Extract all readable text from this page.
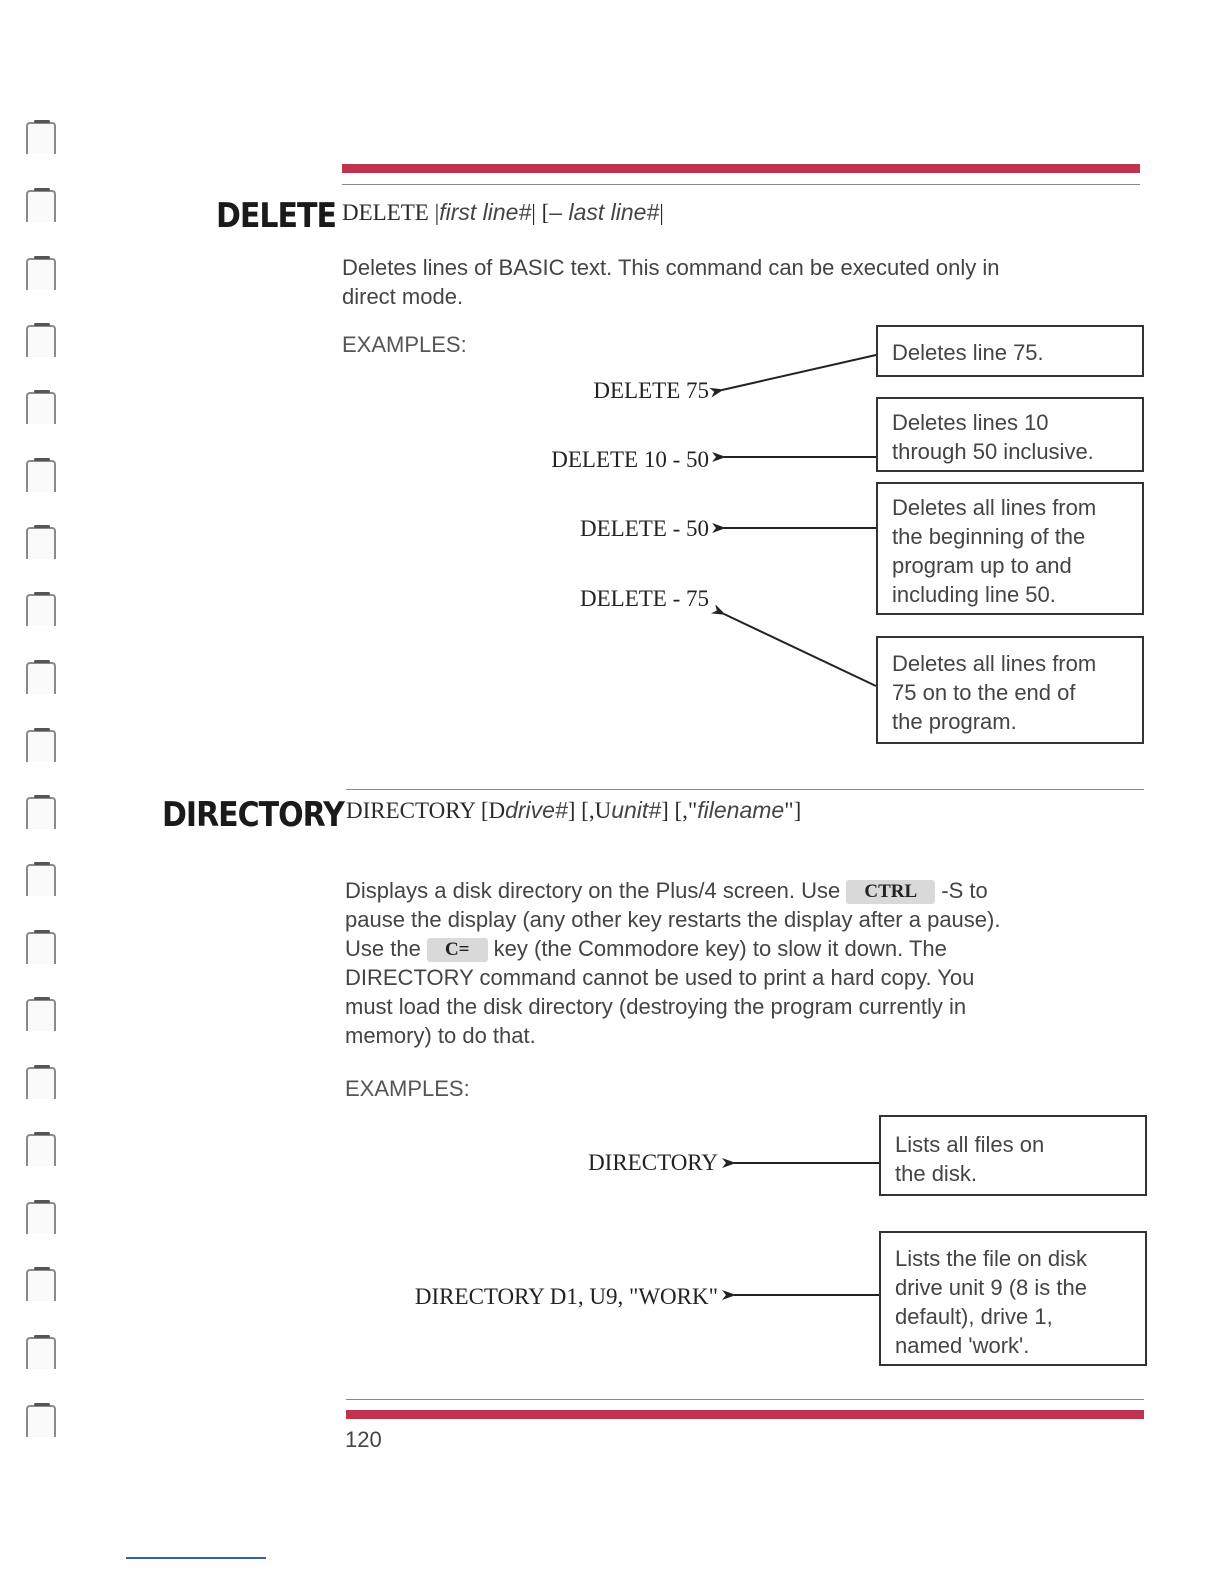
DELETE DELETE |first line#| [– last line#|
Deletes lines of BASIC text. This command can be executed only in
direct mode.
EXAMPLES:
DELETE 75
DELETE 10 - 50
DELETE - 50
DELETE - 75
Deletes line 75.
Deletes lines 10
through 50 inclusive.
Deletes all lines from
the beginning of the
program up to and
including line 50.
Deletes all lines from
75 on to the end of
the program.
DIRECTORY DIRECTORY [Ddrive#] [,Uunit#] [,"filename"]
Displays a disk directory on the Plus/4 screen. Use CTRL -S to
pause the display (any other key restarts the display after a pause).
Use the C= key (the Commodore key) to slow it down. The
DIRECTORY command cannot be used to print a hard copy. You
must load the disk directory (destroying the program currently in
memory) to do that.
EXAMPLES:
DIRECTORY
DIRECTORY D1, U9, "WORK"
Lists all files on
the disk.
Lists the file on disk
drive unit 9 (8 is the
default), drive 1,
named 'work'.
120
